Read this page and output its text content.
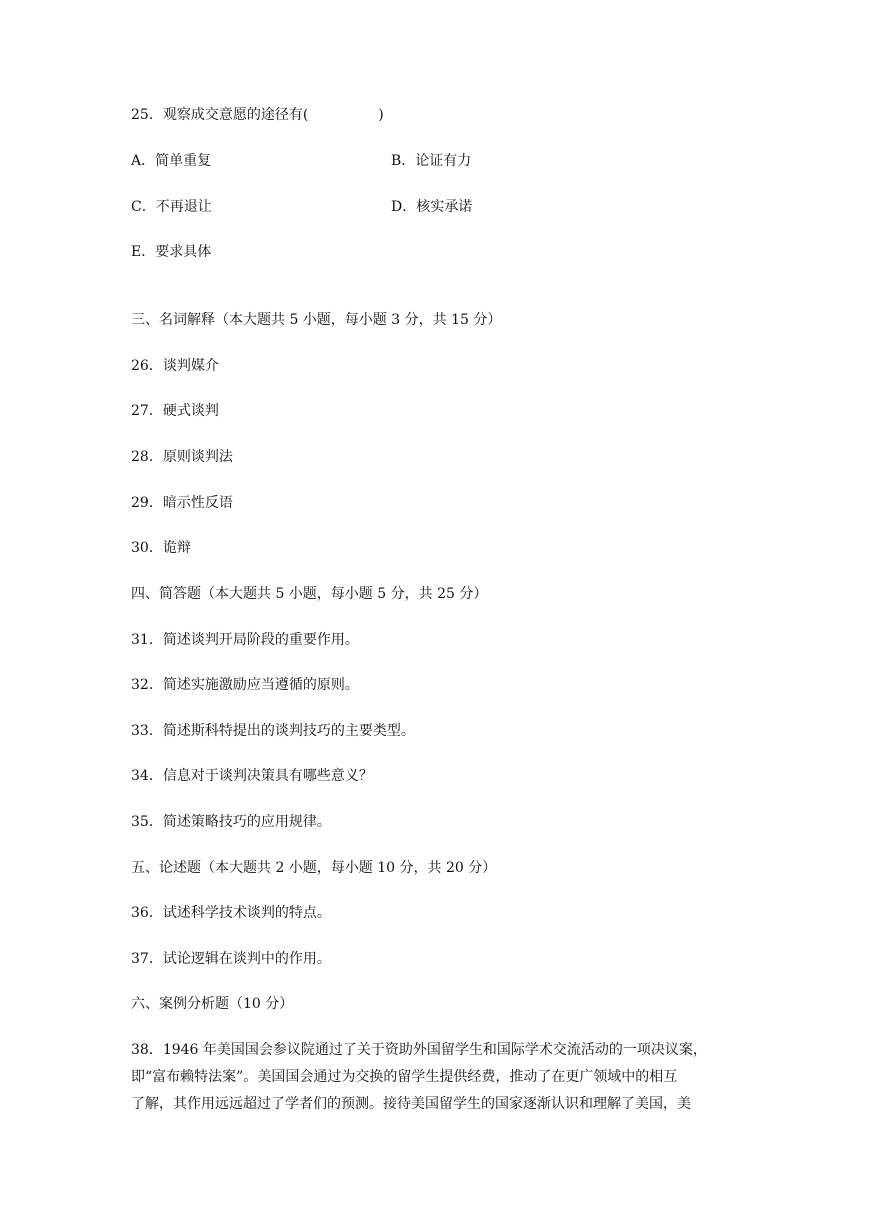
25．观察成交意愿的途径有(　　　　　)
A．简单重复	B．论证有力
C．不再退让	D．核实承诺
E．要求具体
三、名词解释（本大题共 5 小题，每小题 3 分，共 15 分）
26．谈判媒介
27．硬式谈判
28．原则谈判法
29．暗示性反语
30．诡辩
四、简答题（本大题共 5 小题，每小题 5 分，共 25 分）
31．简述谈判开局阶段的重要作用。
32．简述实施激励应当遵循的原则。
33．简述斯科特提出的谈判技巧的主要类型。
34．信息对于谈判决策具有哪些意义？
35．简述策略技巧的应用规律。
五、论述题（本大题共 2 小题，每小题 10 分，共 20 分）
36．试述科学技术谈判的特点。
37．试论逻辑在谈判中的作用。
六、案例分析题（10 分）
38．1946 年美国国会参议院通过了关于资助外国留学生和国际学术交流活动的一项决议案，
即“富布赖特法案”。美国国会通过为交换的留学生提供经费，推动了在更广领域中的相互
了解，其作用远远超过了学者们的预测。接待美国留学生的国家逐渐认识和理解了美国，美
